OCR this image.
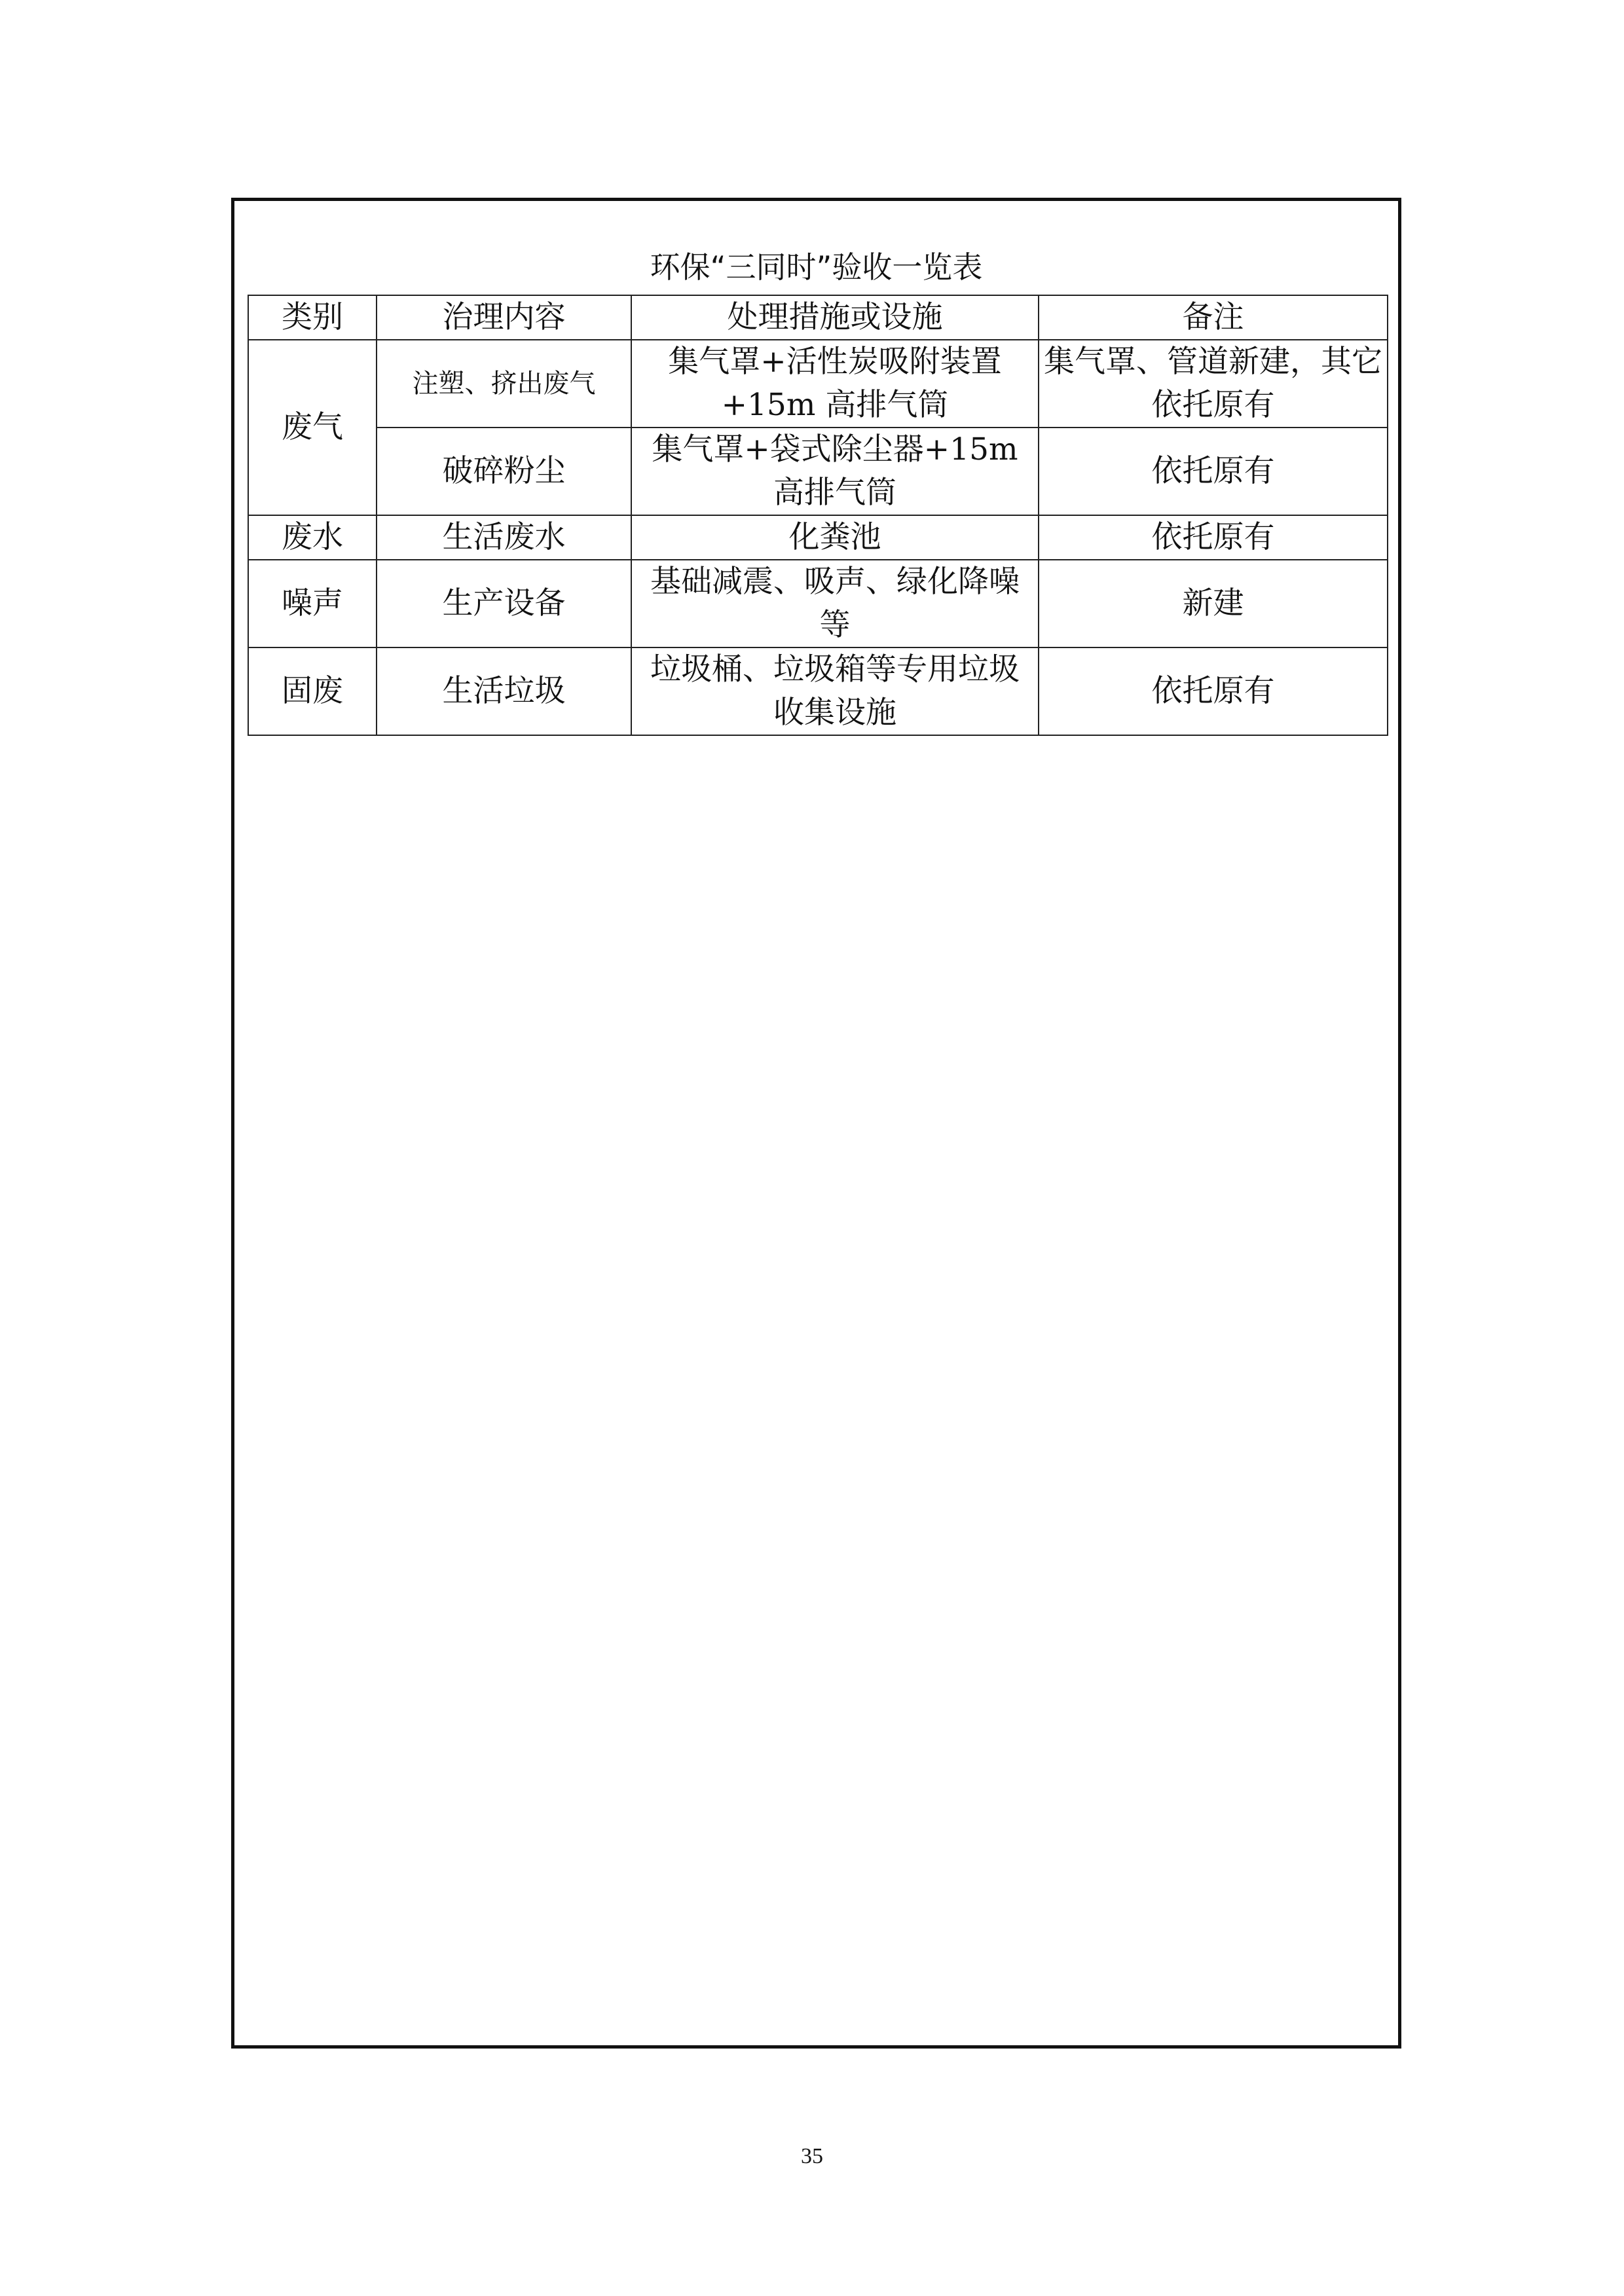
环保“三同时”验收一览表
类别	治理内容	处理措施或设施	备注
废气	注塑、挤出废气	集气罩+活性炭吸附装置+15m 高排气筒	集气罩、管道新建，其它依托原有
	破碎粉尘	集气罩+袋式除尘器+15m 高排气筒	依托原有
废水	生活废水	化粪池	依托原有
噪声	生产设备	基础减震、吸声、绿化降噪等	新建
固废	生活垃圾	垃圾桶、垃圾箱等专用垃圾收集设施	依托原有
35
